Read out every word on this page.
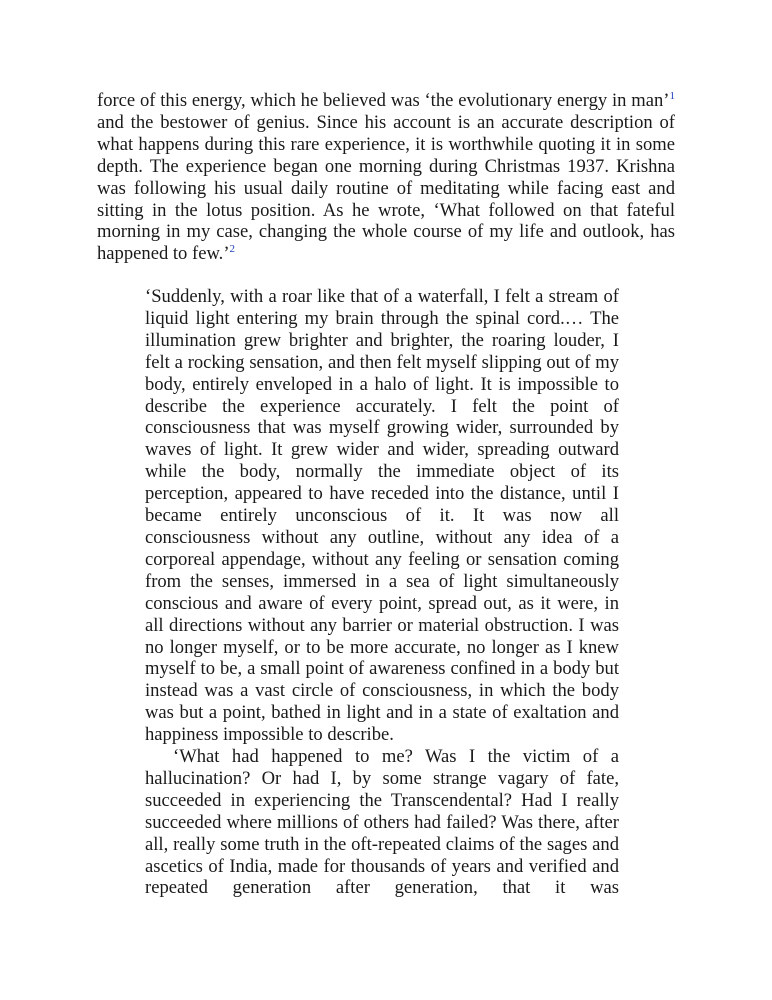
force of this energy, which he believed was ‘the evolutionary energy in man’$^1$ and the bestower of genius. Since his account is an accurate description of what happens during this rare experience, it is worthwhile quoting it in some depth. The experience began one morning during Christmas 1937. Krishna was following his usual daily routine of meditating while facing east and sitting in the lotus position. As he wrote, ‘What followed on that fateful morning in my case, changing the whole course of my life and outlook, has happened to few.’$^2$

‘Suddenly, with a roar like that of a waterfall, I felt a stream of liquid light entering my brain through the spinal cord.… The illumination grew brighter and brighter, the roaring louder, I felt a rocking sensation, and then felt myself slipping out of my body, entirely enveloped in a halo of light. It is impossible to describe the experience accurately. I felt the point of consciousness that was myself growing wider, surrounded by waves of light. It grew wider and wider, spreading outward while the body, normally the immediate object of its perception, appeared to have receded into the distance, until I became entirely unconscious of it. It was now all consciousness without any outline, without any idea of a corporeal appendage, without any feeling or sensation coming from the senses, immersed in a sea of light simultaneously conscious and aware of every point, spread out, as it were, in all directions without any barrier or material obstruction. I was no longer myself, or to be more accurate, no longer as I knew myself to be, a small point of awareness confined in a body but instead was a vast circle of consciousness, in which the body was but a point, bathed in light and in a state of exaltation and happiness impossible to describe.

‘What had happened to me? Was I the victim of a hallucination? Or had I, by some strange vagary of fate, succeeded in experiencing the Transcendental? Had I really succeeded where millions of others had failed? Was there, after all, really some truth in the oft-repeated claims of the sages and ascetics of India, made for thousands of years and verified and repeated generation after generation, that it was
